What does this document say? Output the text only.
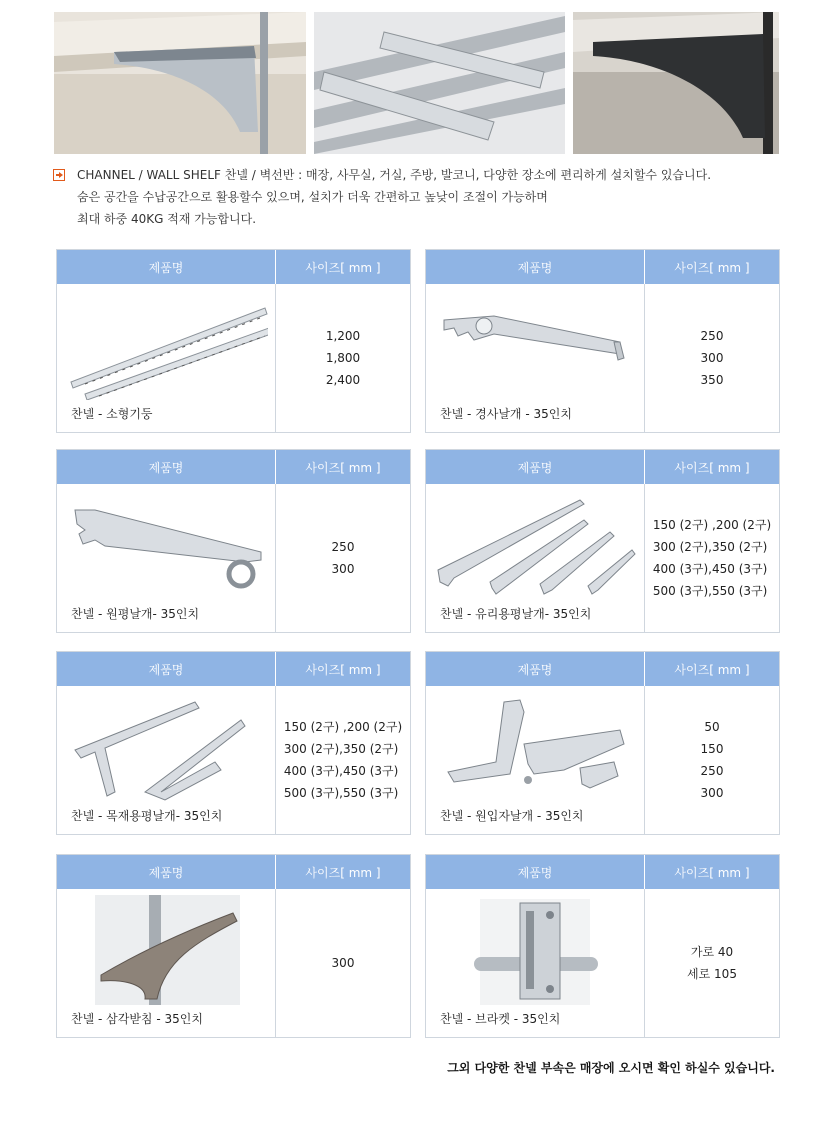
CHANNEL / WALL SHELF 찬넬 / 벽선반 : 매장, 사무실, 거실, 주방, 발코니, 다양한 장소에 편리하게 설치할수 있습니다.

숨은 공간을 수납공간으로 활용할수 있으며, 설치가 더욱 간편하고 높낮이 조절이 가능하며

최대 하중 40KG 적재 가능합니다.

제품명	사이즈[ mm ]
찬넬 - 소형기둥
1,200
1,800
2,400
제품명	사이즈[ mm ]
찬넬 - 경사날개 - 35인치
250
300
350
제품명	사이즈[ mm ]
찬넬 - 원평날개- 35인치
250
300
제품명	사이즈[ mm ]
찬넬 - 유리용평날개- 35인치
150 (2구) ,200 (2구)
300 (2구),350 (2구)
400 (3구),450 (3구)
500 (3구),550 (3구)
제품명	사이즈[ mm ]
찬넬 - 목재용평날개- 35인치
150 (2구) ,200 (2구)
300 (2구),350 (2구)
400 (3구),450 (3구)
500 (3구),550 (3구)
제품명	사이즈[ mm ]
찬넬 - 원입자날개 - 35인치
50
150
250
300
제품명	사이즈[ mm ]
찬넬 - 삼각받침 - 35인치
300
제품명	사이즈[ mm ]
찬넬 - 브라켓 - 35인치
가로 40
세로 105
그외 다양한 찬넬 부속은 매장에 오시면 확인 하실수 있습니다.
